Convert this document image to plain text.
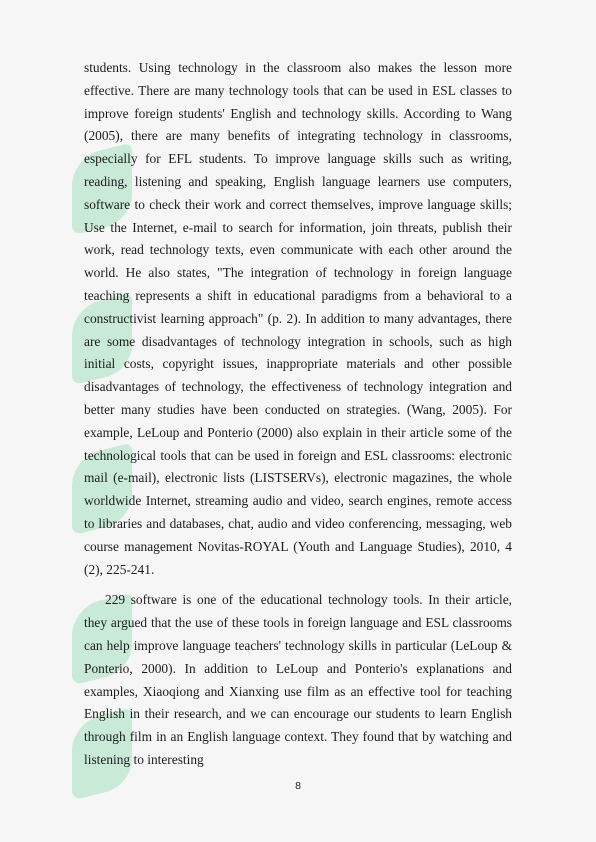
students. Using technology in the classroom also makes the lesson more effective. There are many technology tools that can be used in ESL classes to improve foreign students' English and technology skills. According to Wang (2005), there are many benefits of integrating technology in classrooms, especially for EFL students. To improve language skills such as writing, reading, listening and speaking, English language learners use computers, software to check their work and correct themselves, improve language skills; Use the Internet, e-mail to search for information, join threats, publish their work, read technology texts, even communicate with each other around the world. He also states, "The integration of technology in foreign language teaching represents a shift in educational paradigms from a behavioral to a constructivist learning approach" (p. 2). In addition to many advantages, there are some disadvantages of technology integration in schools, such as high initial costs, copyright issues, inappropriate materials and other possible disadvantages of technology, the effectiveness of technology integration and better many studies have been conducted on strategies. (Wang, 2005). For example, LeLoup and Ponterio (2000) also explain in their article some of the technological tools that can be used in foreign and ESL classrooms: electronic mail (e-mail), electronic lists (LISTSERVs), electronic magazines, the whole worldwide Internet, streaming audio and video, search engines, remote access to libraries and databases, chat, audio and video conferencing, messaging, web course management Novitas-ROYAL (Youth and Language Studies), 2010, 4 (2), 225-241.

229 software is one of the educational technology tools. In their article, they argued that the use of these tools in foreign language and ESL classrooms can help improve language teachers' technology skills in particular (LeLoup & Ponterio, 2000). In addition to LeLoup and Ponterio's explanations and examples, Xiaoqiong and Xianxing use film as an effective tool for teaching English in their research, and we can encourage our students to learn English through film in an English language context. They found that by watching and listening to interesting

8
